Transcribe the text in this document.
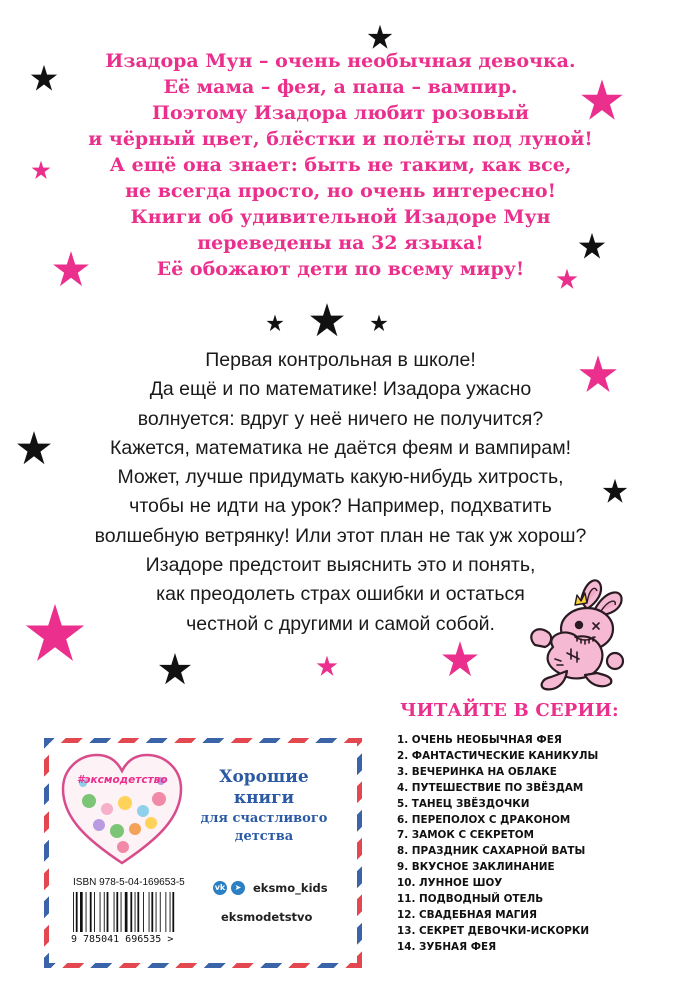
Изадора Мун – очень необычная девочка.
Её мама – фея, а папа – вампир.
Поэтому Изадора любит розовый
и чёрный цвет, блёстки и полёты под луной!
А ещё она знает: быть не таким, как все,
не всегда просто, но очень интересно!
Книги об удивительной Изадоре Мун
переведены на 32 языка!
Её обожают дети по всему миру!

Первая контрольная в школе!
Да ещё и по математике! Изадора ужасно
волнуется: вдруг у неё ничего не получится?
Кажется, математика не даётся феям и вампирам!
Может, лучше придумать какую-нибудь хитрость,
чтобы не идти на урок? Например, подхватить
волшебную ветрянку! Или этот план не так уж хорош?
Изадоре предстоит выяснить это и понять,
как преодолеть страх ошибки и остаться
честной с другими и самой собой.

ЧИТАЙТЕ В СЕРИИ:
1. ОЧЕНЬ НЕОБЫЧНАЯ ФЕЯ
2. ФАНТАСТИЧЕСКИЕ КАНИКУЛЫ
3. ВЕЧЕРИНКА НА ОБЛАКЕ
4. ПУТЕШЕСТВИЕ ПО ЗВЁЗДАМ
5. ТАНЕЦ ЗВЁЗДОЧКИ
6. ПЕРЕПОЛОХ С ДРАКОНОМ
7. ЗАМОК С СЕКРЕТОМ
8. ПРАЗДНИК САХАРНОЙ ВАТЫ
9. ВКУСНОЕ ЗАКЛИНАНИЕ
10. ЛУННОЕ ШОУ
11. ПОДВОДНЫЙ ОТЕЛЬ
12. СВАДЕБНАЯ МАГИЯ
13. СЕКРЕТ ДЕВОЧКИ-ИСКОРКИ
14. ЗУБНАЯ ФЕЯ
#эксмодетство	Хорошие
книги
для счастливого
детства
ISBN 978-5-04-169653-5
9 785041 696535 >
vk	➤	eksmo_kids
eksmodetstvo
